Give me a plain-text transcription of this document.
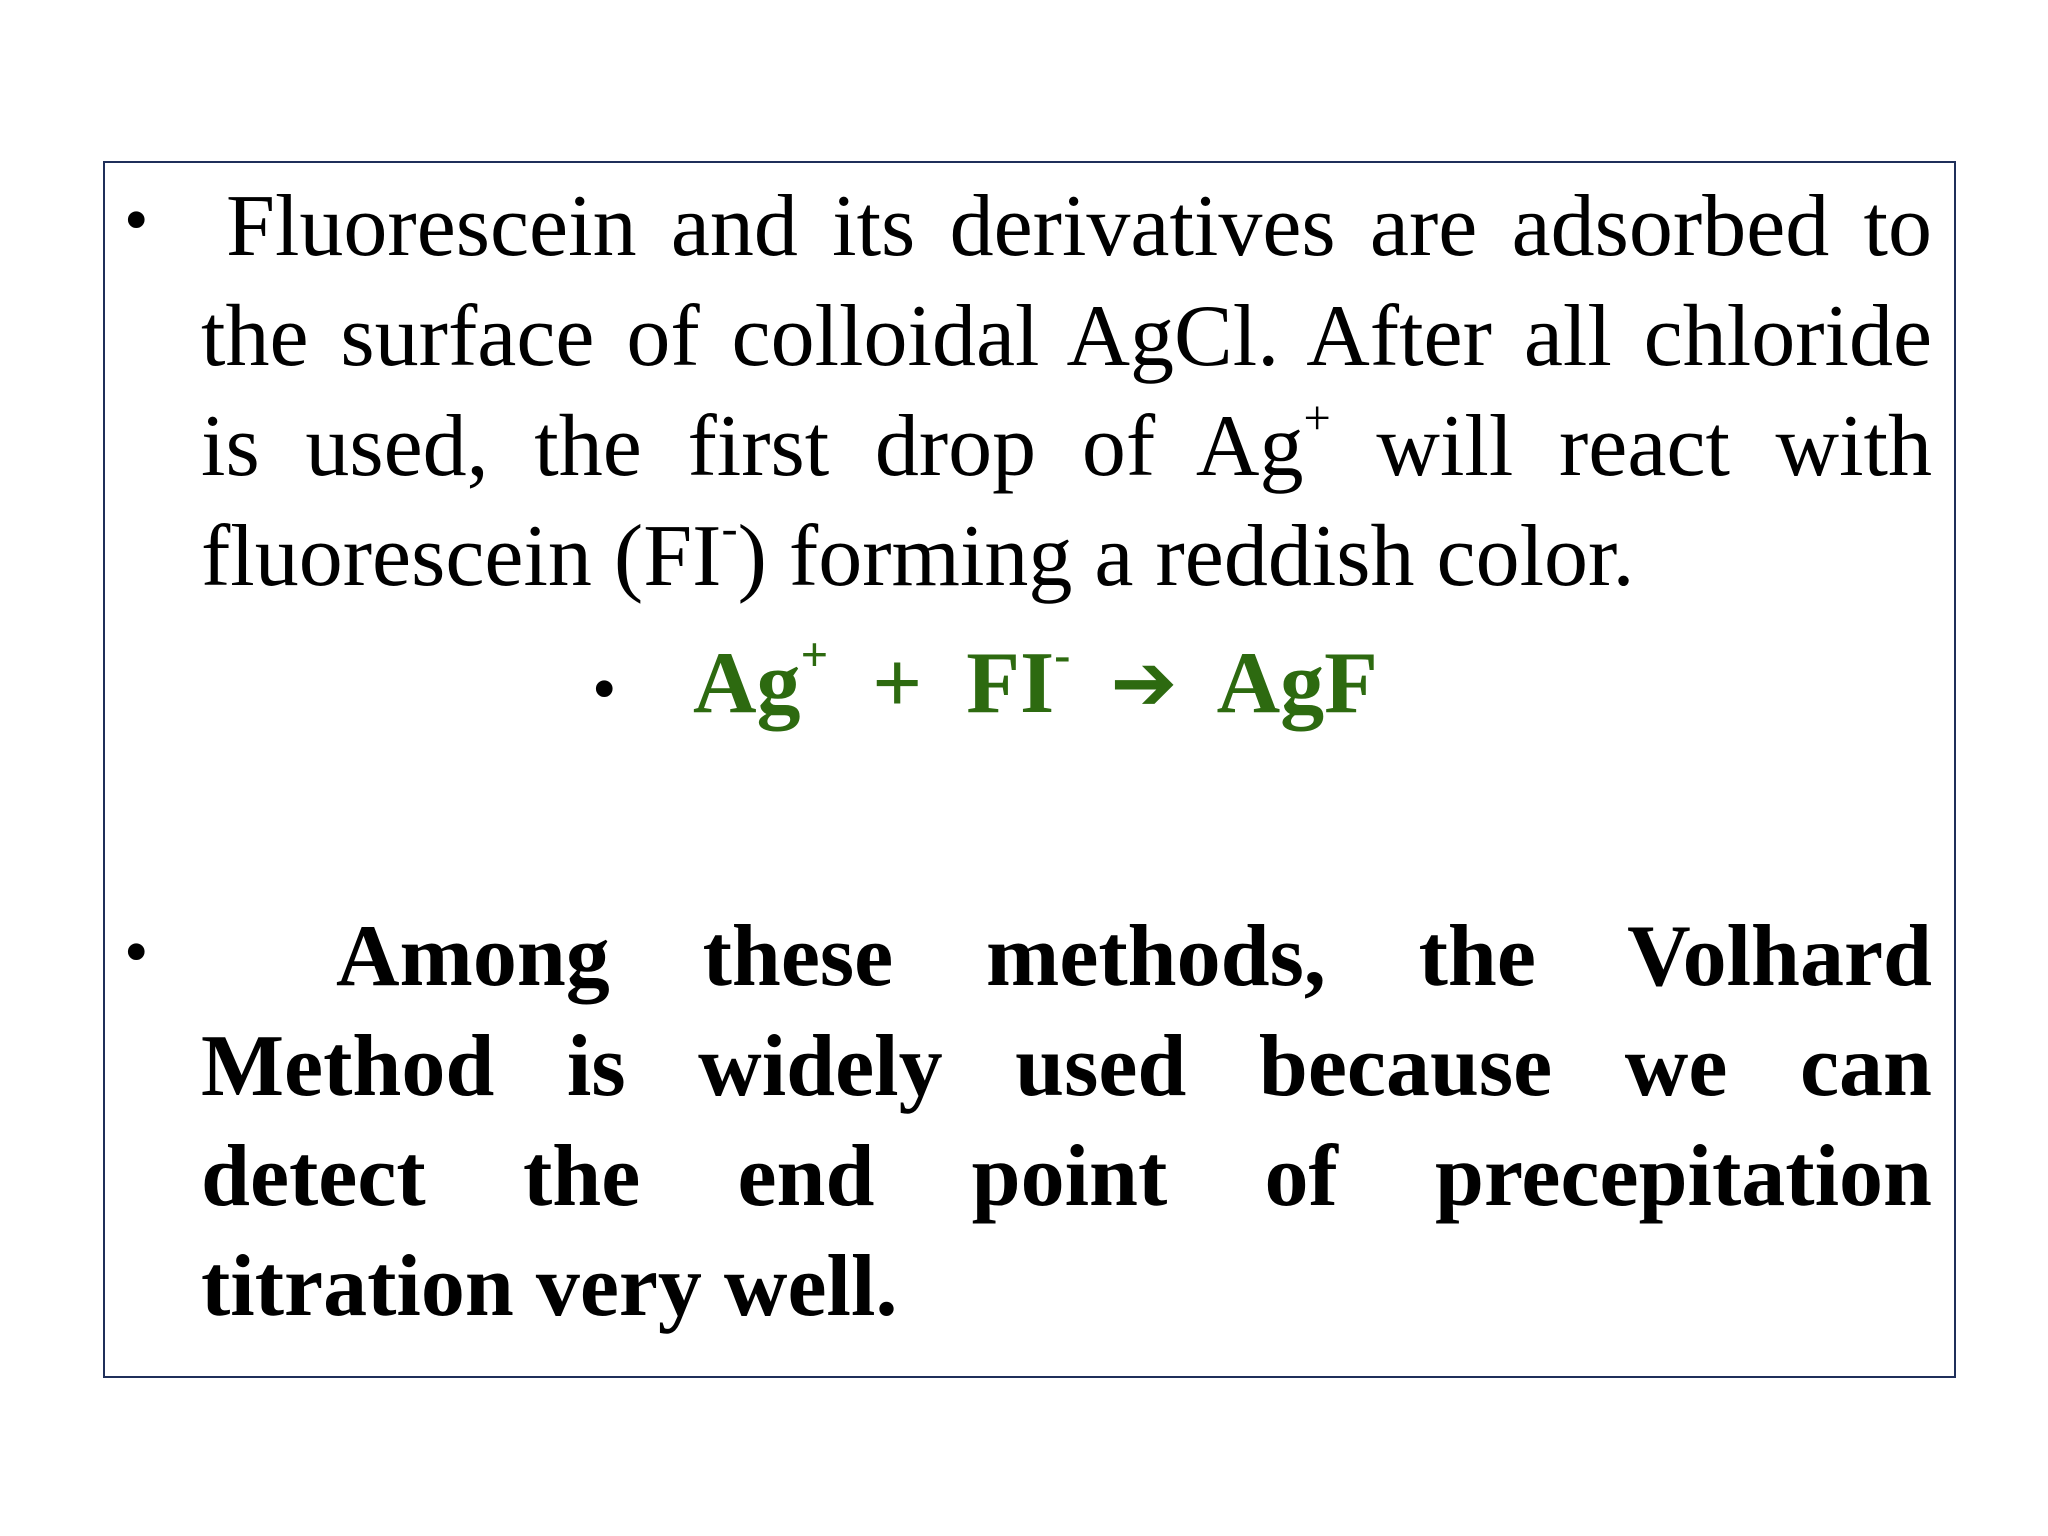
• Fluorescein and its derivatives are adsorbed to
the surface of colloidal AgCl. After all chloride
is used, the first drop of Ag+ will react with
fluorescein (FI-) forming a reddish color.
• Ag+ + FI- ➔ AgF
•	Among these methods, the Volhard
Method is widely used because we can
detect the end point of precepitation
titration very well.
